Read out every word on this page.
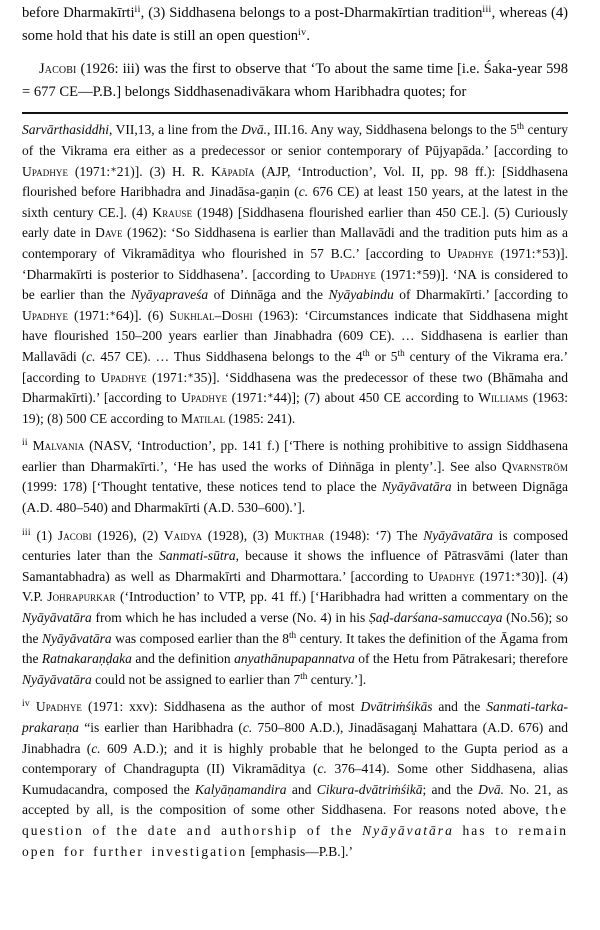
before Dharmakīrti$^{ii}$, (3) Siddhasena belongs to a post-Dharmakīrtian tradition$^{iii}$, whereas (4) some hold that his date is still an open question$^{iv}$.

Jacobi (1926: iii) was the first to observe that ‘To about the same time [i.e. Śaka-year 598 = 677 CE—P.B.] belongs Siddhasenadivākara whom Haribhadra quotes; for

Sarvārthasiddhi, VII,13, a line from the Dvā., III.16. Any way, Siddhasena belongs to the 5th century of the Vikrama era either as a predecessor or senior contemporary of Pūjyapāda.’ [according to Upadhye (1971:∗21)]. (3) H. R. Kāpadīa (AJP, ‘Introduction’, Vol. II, pp. 98 ff.): [Siddhasena flourished before Haribhadra and Jinadāsa-gaṇin (c. 676 CE) at least 150 years, at the latest in the sixth century CE.]. (4) Krause (1948) [Siddhasena flourished earlier than 450 CE.]. (5) Curiously early date in Dave (1962): ‘So Siddhasena is earlier than Mallavādi and the tradition puts him as a contemporary of Vikramāditya who flourished in 57 B.C.’ [according to Upadhye (1971:∗53)]. ‘Dharmakīrti is posterior to Siddhasena’. [according to Upadhye (1971:∗59)]. ‘NA is considered to be earlier than the Nyāyapraveśa of Diṅnāga and the Nyāyabindu of Dharmakīrti.’ [according to Upadhye (1971:∗64)]. (6) Sukhlal–Doshi (1963): ‘Circumstances indicate that Siddhasena might have flourished 150–200 years earlier than Jinabhadra (609 CE). … Siddhasena is earlier than Mallavādi (c. 457 CE). … Thus Siddhasena belongs to the 4th or 5th century of the Vikrama era.’ [according to Upadhye (1971:∗35)]. ‘Siddhasena was the predecessor of these two (Bhāmaha and Dharmakīrti).’ [according to Upadhye (1971:∗44)]; (7) about 450 CE according to Williams (1963: 19); (8) 500 CE according to Matilal (1985: 241).

$^{ii}$ Malvania (NASV, ‘Introduction’, pp. 141 f.) [‘There is nothing prohibitive to assign Siddhasena earlier than Dharmakīrti.’, ‘He has used the works of Diṅnāga in plenty’.]. See also Qvarnström (1999: 178) [‘Thought tentative, these notices tend to place the Nyāyāvatāra in between Dignāga (A.D. 480–540) and Dharmakīrti (A.D. 530–600).’].

$^{iii}$ (1) Jacobi (1926), (2) Vaidya (1928), (3) Mukthar (1948): ‘7) The Nyāyāvatāra is composed centuries later than the Sanmati-sūtra, because it shows the influence of Pātrasvāmi (later than Samantabhadra) as well as Dharmakīrti and Dharmottara.’ [according to Upadhye (1971:∗30)]. (4) V.P. Johrapurkar (‘Introduction’ to VTP, pp. 41 ff.) [‘Haribhadra had written a commentary on the Nyāyāvatāra from which he has included a verse (No. 4) in his Ṣaḍ-darśana-samuccaya (No.56); so the Nyāyāvatāra was composed earlier than the 8th century. It takes the definition of the Āgama from the Ratnakaraṇḍaka and the definition anyathānupapannatva of the Hetu from Pātrakesari; therefore Nyāyāvatāra could not be assigned to earlier than 7th century.’].

$^{iv}$ Upadhye (1971: xxv): Siddhasena as the author of most Dvātriṁśikās and the Sanmati-tarka-prakaraṇa “is earlier than Haribhadra (c. 750–800 A.D.), Jinadāsagan̥i Mahattara (A.D. 676) and Jinabhadra (c. 609 A.D.); and it is highly probable that he belonged to the Gupta period as a contemporary of Chandragupta (II) Vikramāditya (c. 376–414). Some other Siddhasena, alias Kumudacandra, composed the Kalyāṇamandira and Cikura-dvātriṁśikā; and the Dvā. No. 21, as accepted by all, is the composition of some other Siddhasena. For reasons noted above, the question of the date and authorship of the Nyāyāvatāra has to remain open for further investigation [emphasis—P.B.].’
